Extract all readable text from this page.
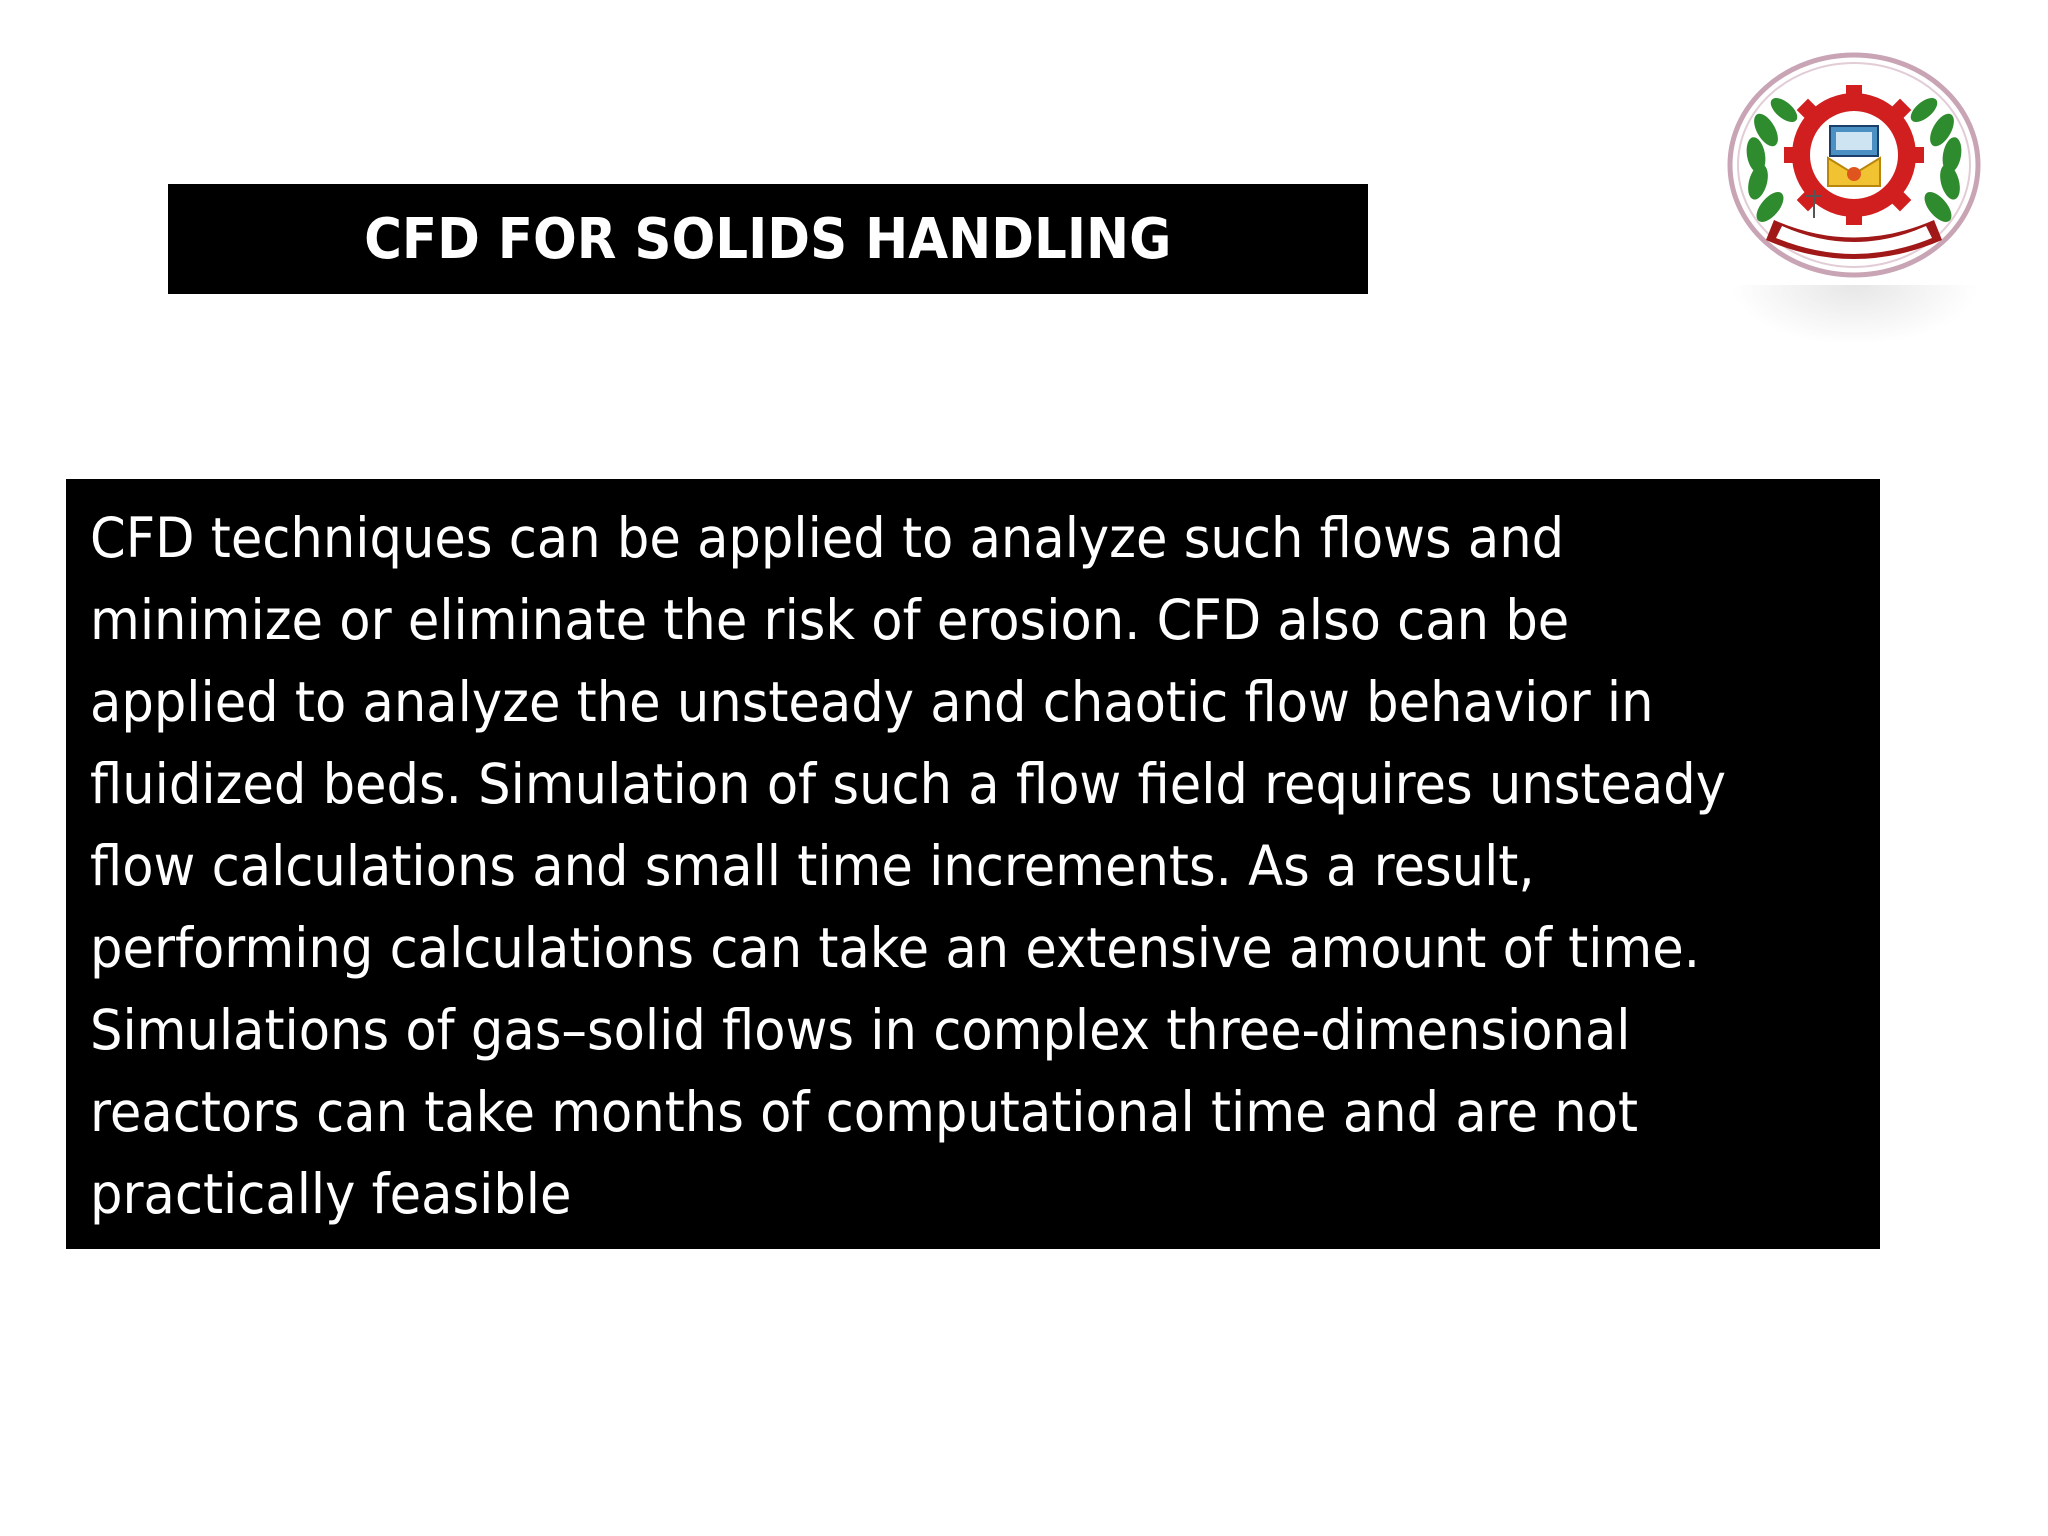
CFD FOR SOLIDS HANDLING

CFD techniques can be applied to analyze such flows and
minimize or eliminate the risk of erosion. CFD also can be
applied to analyze the unsteady and chaotic flow behavior in
fluidized beds. Simulation of such a flow field requires unsteady
flow calculations and small time increments. As a result,
performing calculations can take an extensive amount of time.
Simulations of gas–solid flows in complex three-dimensional
reactors can take months of computational time and are not
practically feasible
